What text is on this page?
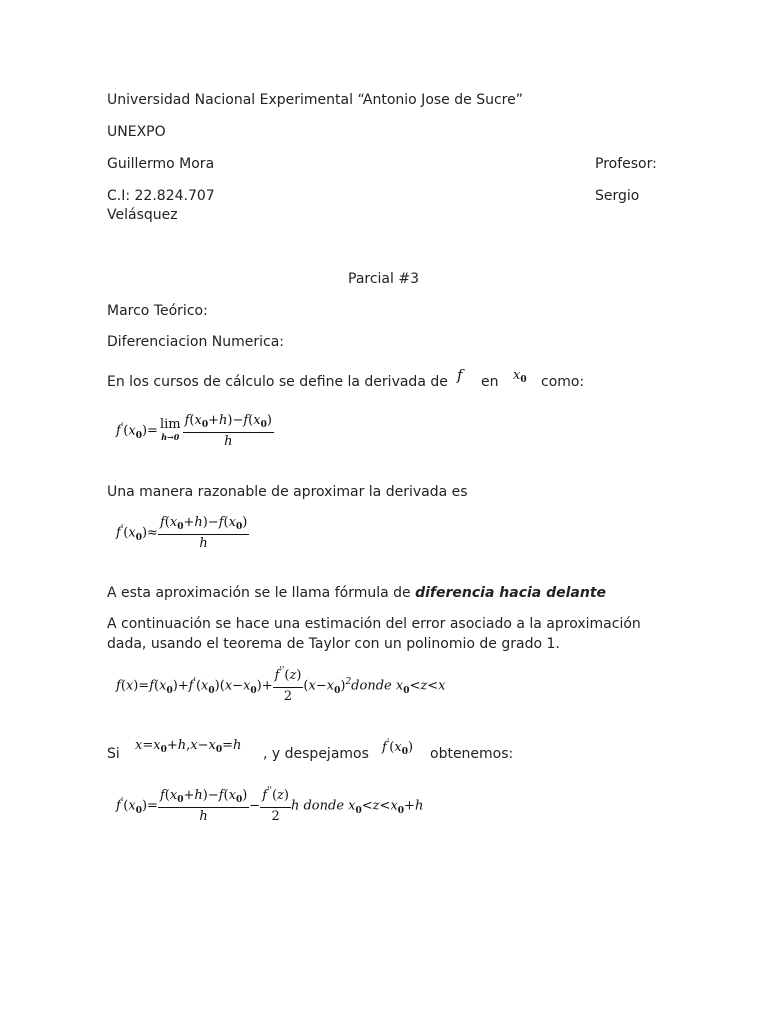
Universidad Nacional Experimental “Antonio Jose de Sucre”
UNEXPO
Guillermo Mora	Profesor:
C.I: 22.824.707	Sergio
Velásquez
Parcial #3
Marco Teórico:
Diferenciacion Numerica:
En los cursos de cálculo se define la derivada de f en $x_0$ como:
$f'(x_0)= \lim$
$h\to 0 \frac{f(x_0+h)-f(x_0)}{h}$
Una manera razonable de aproximar la derivada es
$f'(x_0)\approx \frac{f(x_0+h)-f(x_0)}{h}$
A esta aproximación se le llama fórmula de diferencia hacia delante
A continuación se hace una estimación del error asociado a la aproximación
dada, usando el teorema de Taylor con un polinomio de grado 1.
$f(x)=f(x_0)+f'(x_0)(x-x_0)+ \frac{f''(z)}{2}$ $(x-x_0)^2donde$ $x_0<z<x$
Si
$x=x_0+h,x-x_0=h$
, y despejamos $f'(x_0)$ obtenemos:
$f'(x_0)= \frac{f(x_0+h)-f(x_0)}{h} - \frac{f''(z)}{2}$ h donde $x_0<z<x_0+h$
